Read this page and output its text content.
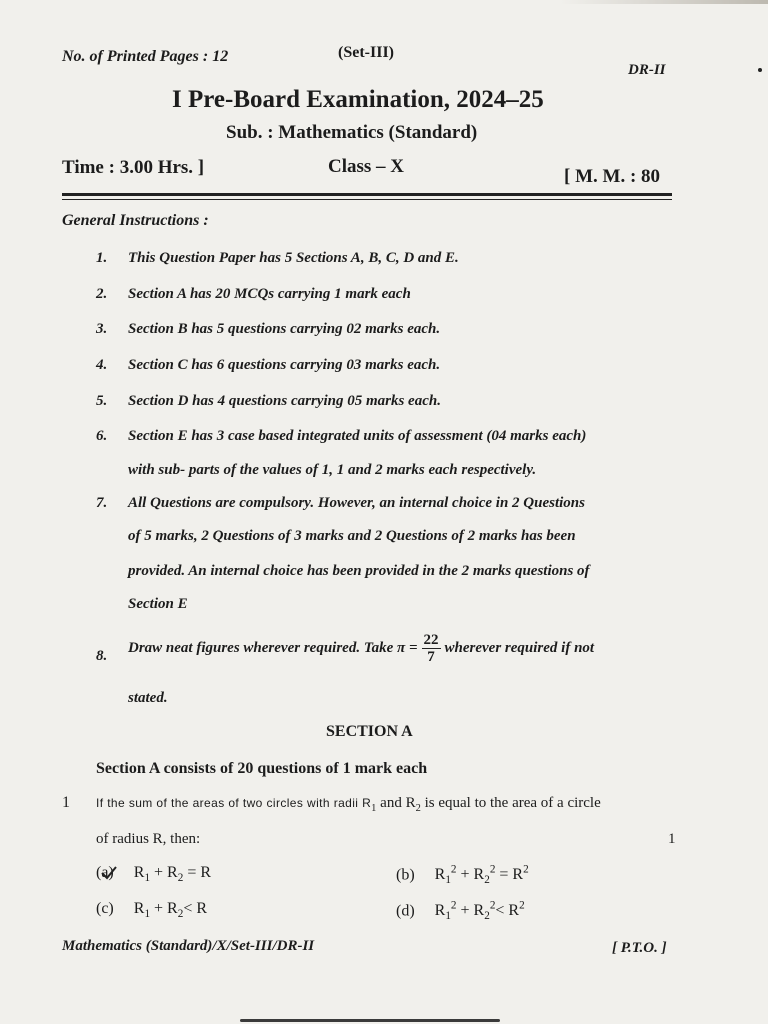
No. of Printed Pages : 12	(Set-III)
DR-II
I Pre-Board Examination, 2024–25
Sub. : Mathematics (Standard)
Time : 3.00 Hrs. ]	Class – X	[ M. M. : 80
General Instructions :
1. This Question Paper has 5 Sections A, B, C, D and E.
2. Section A has 20 MCQs carrying 1 mark each
3. Section B has 5 questions carrying 02 marks each.
4. Section C has 6 questions carrying 03 marks each.
5. Section D has 4 questions carrying 05 marks each.
6. Section E has 3 case based integrated units of assessment (04 marks each)
with sub- parts of the values of 1, 1 and 2 marks each respectively.
7. All Questions are compulsory. However, an internal choice in 2 Questions
of 5 marks, 2 Questions of 3 marks and 2 Questions of 2 marks has been
provided. An internal choice has been provided in the 2 marks questions of
Section E
8. Draw neat figures wherever required. Take $\pi = \frac{22}{7}$ wherever required if not
stated.
SECTION A
Section A consists of 20 questions of 1 mark each
1 If the sum of the areas of two circles with radii $R_1$ and $R_2$ is equal to the area of a circle
of radius R, then:	1
(a) $R_1 + R_2 = R$	(b) $R_1^2 + R_2^2 = R^2$
(c) $R_1 + R_2< R$	(d) $R_1^2 + R_2^2< R^2$
Mathematics (Standard)/X/Set-III/DR-II	[ P.T.O. ]
